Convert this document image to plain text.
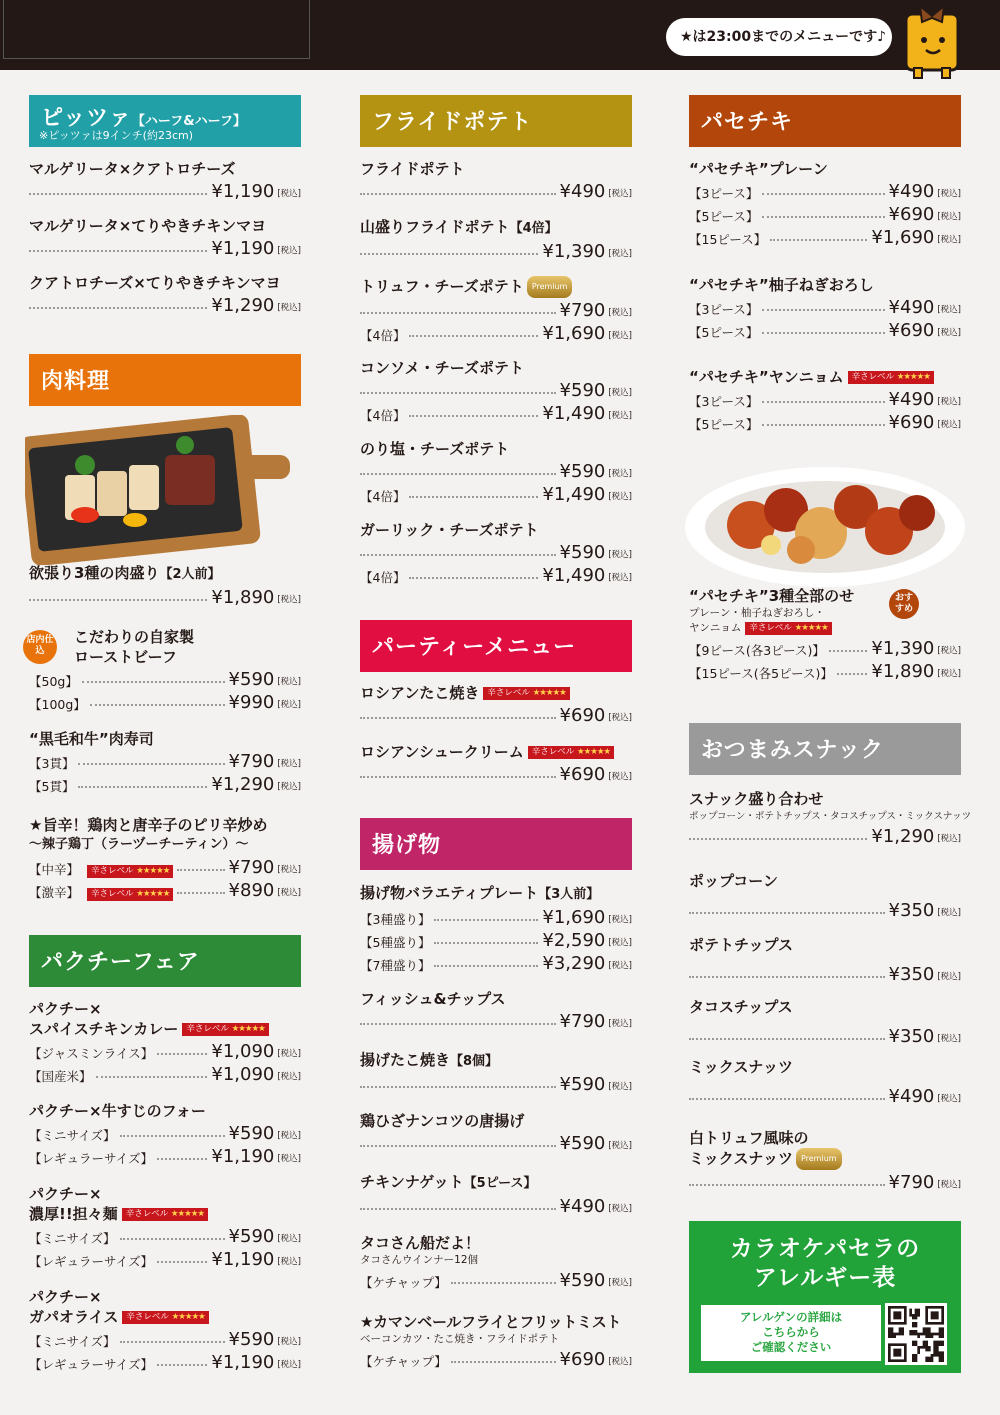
★は23:00までのメニューです♪
ピッツァ【ハーフ&ハーフ】
※ピッツァは9インチ(約23cm)
マルゲリータ×クアトロチーズ
¥1,190 [税込]
マルゲリータ×てりやきチキンマヨ
¥1,190 [税込]
クアトロチーズ×てりやきチキンマヨ
¥1,290 [税込]
肉料理
欲張り3種の肉盛り【2人前】
¥1,890 [税込]
店内仕込
こだわりの自家製
ローストビーフ
【50g】	¥590 [税込]
【100g】	¥990 [税込]
“黒毛和牛”肉寿司
【3貫】	¥790 [税込]
【5貫】	¥1,290 [税込]
★旨辛！鶏肉と唐辛子のピリ辛炒め
～辣子鶏丁（ラーヅーチーティン）～
【中辛】	辛さレベル ★★★★★	¥790 [税込]
【激辛】	辛さレベル ★★★★★	¥890 [税込]
パクチーフェア
パクチー×
スパイスチキンカレー 辛さレベル ★★★★★
【ジャスミンライス】	¥1,090 [税込]
【国産米】	¥1,090 [税込]
パクチー×牛すじのフォー
【ミニサイズ】	¥590 [税込]
【レギュラーサイズ】	¥1,190 [税込]
パクチー×
濃厚!!担々麺 辛さレベル ★★★★★
【ミニサイズ】	¥590 [税込]
【レギュラーサイズ】	¥1,190 [税込]
パクチー×
ガパオライス 辛さレベル ★★★★★
【ミニサイズ】	¥590 [税込]
【レギュラーサイズ】	¥1,190 [税込]
フライドポテト
フライドポテト
¥490 [税込]
山盛りフライドポテト【4倍】
¥1,390 [税込]
トリュフ・チーズポテト Premium
¥790 [税込]
【4倍】	¥1,690 [税込]
コンソメ・チーズポテト
¥590 [税込]
【4倍】	¥1,490 [税込]
のり塩・チーズポテト
¥590 [税込]
【4倍】	¥1,490 [税込]
ガーリック・チーズポテト
¥590 [税込]
【4倍】	¥1,490 [税込]
パーティーメニュー
ロシアンたこ焼き 辛さレベル ★★★★★
¥690 [税込]
ロシアンシュークリーム 辛さレベル ★★★★★
¥690 [税込]
揚げ物
揚げ物バラエティプレート【3人前】
【3種盛り】	¥1,690 [税込]
【5種盛り】	¥2,590 [税込]
【7種盛り】	¥3,290 [税込]
フィッシュ&チップス
¥790 [税込]
揚げたこ焼き【8個】
¥590 [税込]
鶏ひざナンコツの唐揚げ
¥590 [税込]
チキンナゲット【5ピース】
¥490 [税込]
タコさん船だよ！
タコさんウインナー12個
【ケチャップ】	¥590 [税込]
★カマンベールフライとフリットミスト
ベーコンカツ・たこ焼き・フライドポテト
【ケチャップ】	¥690 [税込]
パセチキ
“パセチキ”プレーン
【3ピース】	¥490 [税込]
【5ピース】	¥690 [税込]
【15ピース】	¥1,690 [税込]
“パセチキ”柚子ねぎおろし
【3ピース】	¥490 [税込]
【5ピース】	¥690 [税込]
“パセチキ”ヤンニョム 辛さレベル ★★★★★
【3ピース】	¥490 [税込]
【5ピース】	¥690 [税込]
“パセチキ”3種全部のせ	おすすめ
プレーン・柚子ねぎおろし・
ヤンニョム 辛さレベル ★★★★★
【9ピース(各3ピース)】	¥1,390 [税込]
【15ピース(各5ピース)】 ¥1,890 [税込]
おつまみスナック
スナック盛り合わせ
ポップコーン・ポテトチップス・タコスチップス・ミックスナッツ
¥1,290 [税込]
ポップコーン
¥350 [税込]
ポテトチップス
¥350 [税込]
タコスチップス
¥350 [税込]
ミックスナッツ
¥490 [税込]
白トリュフ風味の
ミックスナッツ Premium
¥790 [税込]
カラオケパセラの
アレルギー表
アレルゲンの詳細は
こちらから
ご確認ください
